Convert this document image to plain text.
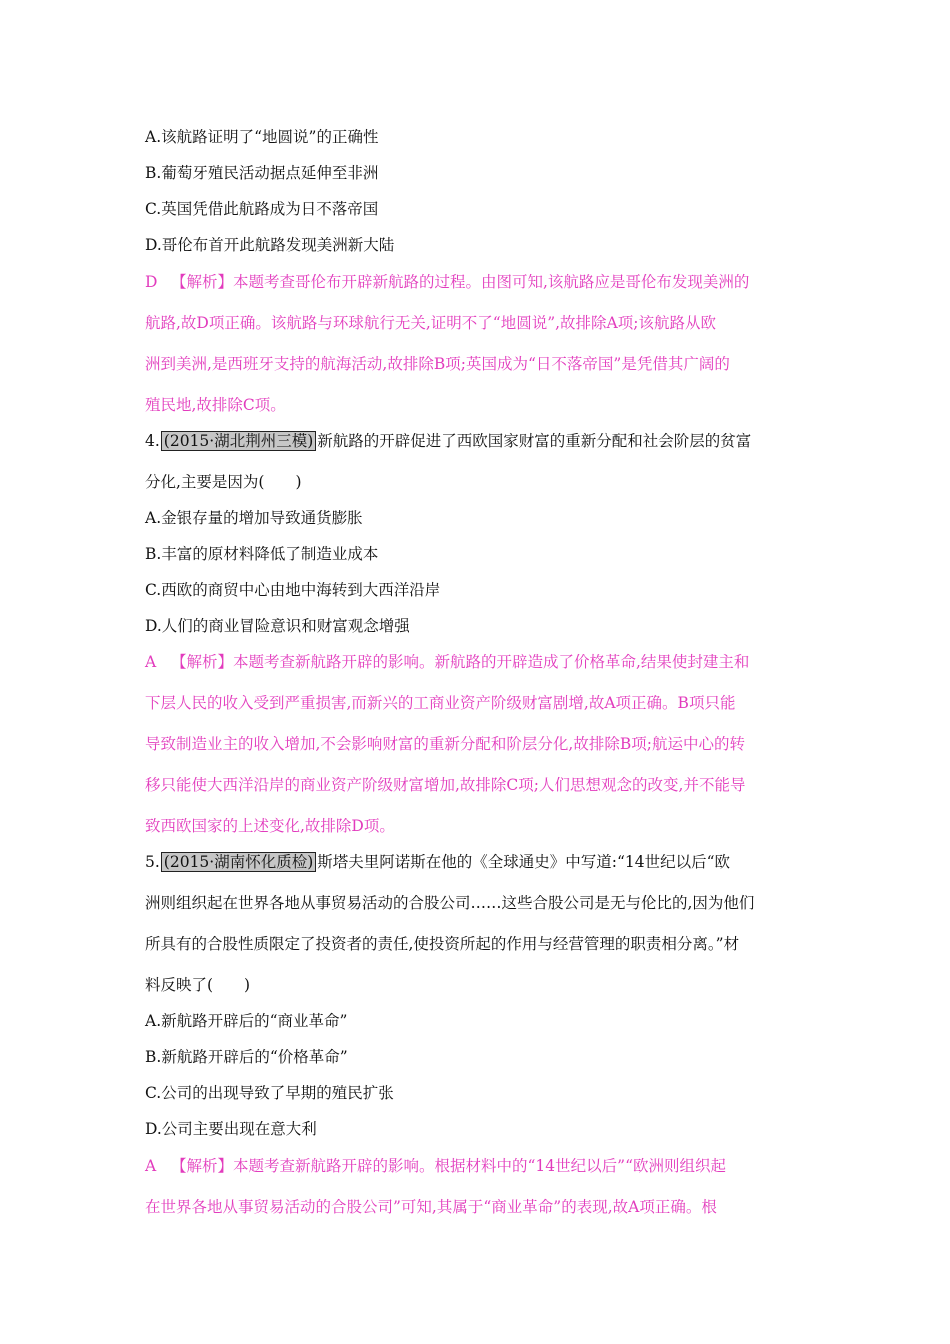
A.该航路证明了“地圆说”的正确性
B.葡萄牙殖民活动据点延伸至非洲
C.英国凭借此航路成为日不落帝国
D.哥伦布首开此航路发现美洲新大陆
D 【解析】本题考查哥伦布开辟新航路的过程。由图可知,该航路应是哥伦布发现美洲的
航路,故D项正确。该航路与环球航行无关,证明不了“地圆说”,故排除A项;该航路从欧
洲到美洲,是西班牙支持的航海活动,故排除B项;英国成为“日不落帝国”是凭借其广阔的
殖民地,故排除C项。
4. (2015·湖北荆州三模) 新航路的开辟促进了西欧国家财富的重新分配和社会阶层的贫富
分化,主要是因为(　　)
A.金银存量的增加导致通货膨胀
B.丰富的原材料降低了制造业成本
C.西欧的商贸中心由地中海转到大西洋沿岸
D.人们的商业冒险意识和财富观念增强
A 【解析】本题考查新航路开辟的影响。新航路的开辟造成了价格革命,结果使封建主和
下层人民的收入受到严重损害,而新兴的工商业资产阶级财富剧增,故A项正确。B项只能
导致制造业主的收入增加,不会影响财富的重新分配和阶层分化,故排除B项;航运中心的转
移只能使大西洋沿岸的商业资产阶级财富增加,故排除C项;人们思想观念的改变,并不能导
致西欧国家的上述变化,故排除D项。
5. (2015·湖南怀化质检) 斯塔夫里阿诺斯在他的《全球通史》中写道:“14世纪以后“欧
洲则组织起在世界各地从事贸易活动的合股公司……这些合股公司是无与伦比的,因为他们
所具有的合股性质限定了投资者的责任,使投资所起的作用与经营管理的职责相分离。”材
料反映了(　　)
A.新航路开辟后的“商业革命”
B.新航路开辟后的“价格革命”
C.公司的出现导致了早期的殖民扩张
D.公司主要出现在意大利
A 【解析】本题考查新航路开辟的影响。根据材料中的“14世纪以后”“欧洲则组织起
在世界各地从事贸易活动的合股公司”可知,其属于“商业革命”的表现,故A项正确。根
